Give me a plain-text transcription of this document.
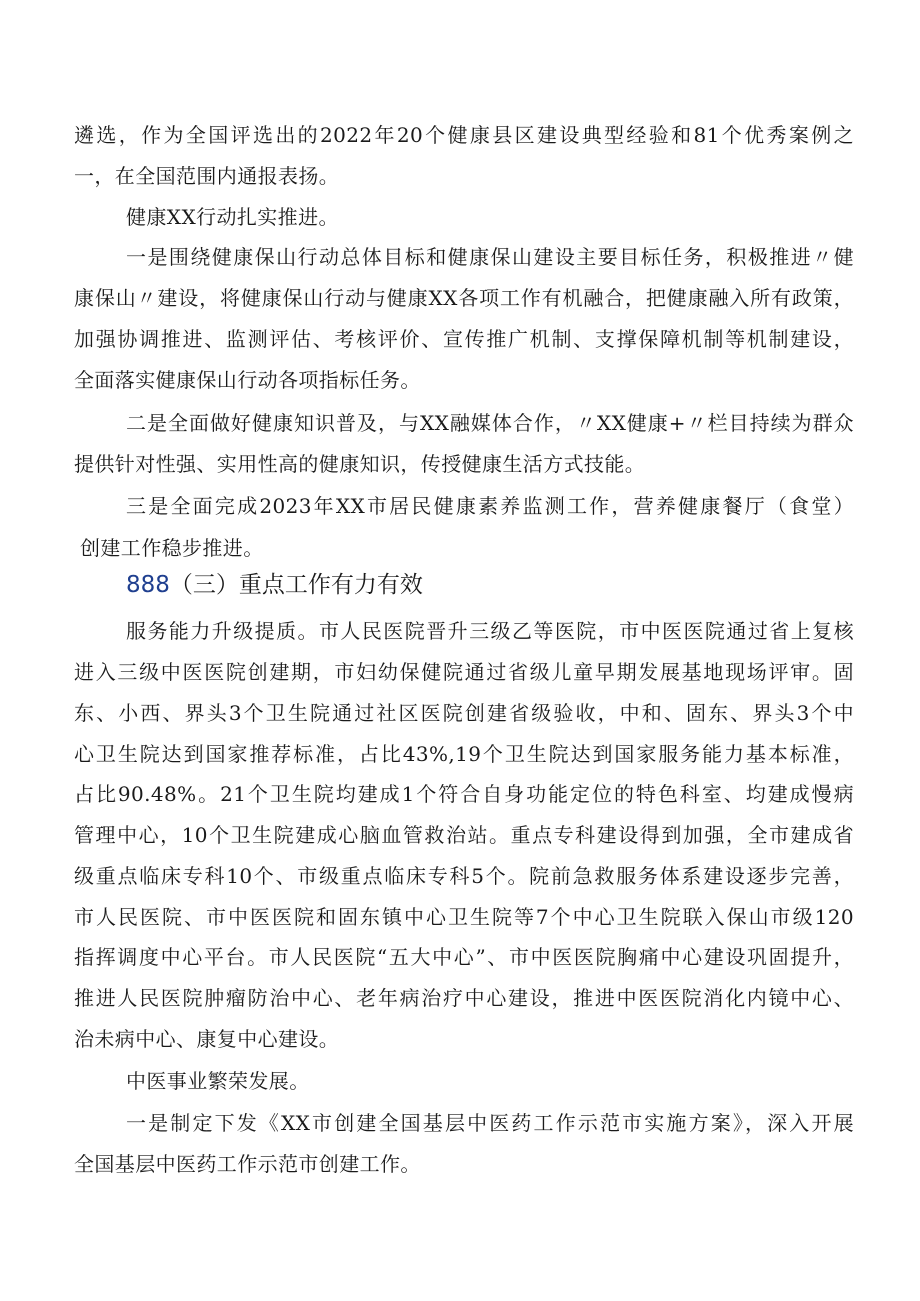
遴选，作为全国评选出的2022年20个健康县区建设典型经验和81个优秀案例之
一，在全国范围内通报表扬。
健康XX行动扎实推进。
一是围绕健康保山行动总体目标和健康保山建设主要目标任务，积极推进〃健
康保山〃建设，将健康保山行动与健康XX各项工作有机融合，把健康融入所有政策，
加强协调推进、监测评估、考核评价、宣传推广机制、支撑保障机制等机制建设，
全面落实健康保山行动各项指标任务。
二是全面做好健康知识普及，与XX融媒体合作，〃XX健康+〃栏目持续为群众
提供针对性强、实用性高的健康知识，传授健康生活方式技能。
三是全面完成2023年XX市居民健康素养监测工作，营养健康餐厅（食堂）
创建工作稳步推进。
888（三）重点工作有力有效
服务能力升级提质。市人民医院晋升三级乙等医院，市中医医院通过省上复核
进入三级中医医院创建期，市妇幼保健院通过省级儿童早期发展基地现场评审。固
东、小西、界头3个卫生院通过社区医院创建省级验收，中和、固东、界头3个中
心卫生院达到国家推荐标准，占比43%,19个卫生院达到国家服务能力基本标准，
占比90.48%。21个卫生院均建成1个符合自身功能定位的特色科室、均建成慢病
管理中心，10个卫生院建成心脑血管救治站。重点专科建设得到加强，全市建成省
级重点临床专科10个、市级重点临床专科5个。院前急救服务体系建设逐步完善，
市人民医院、市中医医院和固东镇中心卫生院等7个中心卫生院联入保山市级120
指挥调度中心平台。市人民医院“五大中心”、市中医医院胸痛中心建设巩固提升，
推进人民医院肿瘤防治中心、老年病治疗中心建设，推进中医医院消化内镜中心、
治未病中心、康复中心建设。
中医事业繁荣发展。
一是制定下发《XX市创建全国基层中医药工作示范市实施方案》，深入开展
全国基层中医药工作示范市创建工作。
